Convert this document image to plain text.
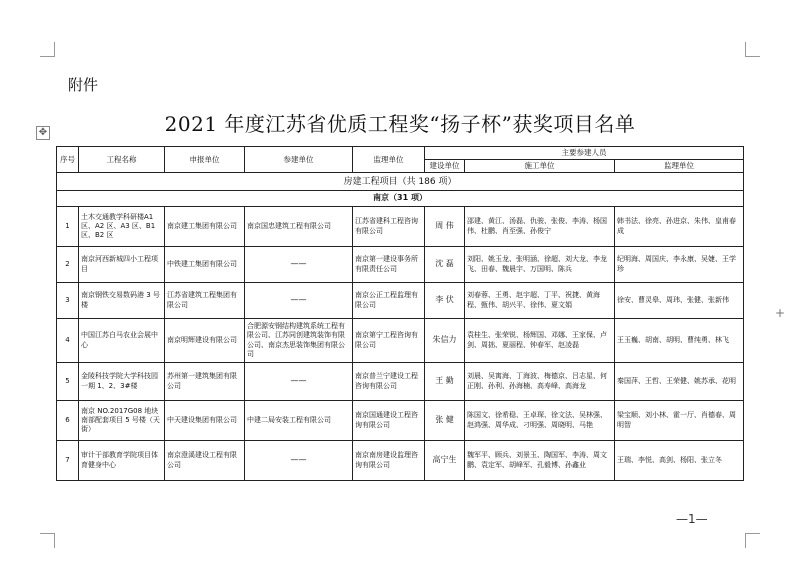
附件
2021 年度江苏省优质工程奖“扬子杯”获奖项目名单
✥
+
序号	工程名称	申报单位	参建单位	监理单位	主要参建人员		
					建设单位	施工单位	监理单位
房建工程项目（共 186 项）							
南京（31 项）							
1	土木交通教学科研楼A1 区、A2 区、A3 区、B1 区、B2 区	南京建工集团有限公司	南京国忠建筑工程有限公司	江苏省建科工程咨询有限公司	周 伟	邵建、黄江、汤磊、仇骏、张俊、李涛、杨国伟、杜鹏、肖至强、孙俊宁	韩书法、徐亮、孙进京、朱伟、皇甫春成
2	南京河西新城四小工程项目	中铁建工集团有限公司	——	南京第一建设事务所有限责任公司	沈 磊	刘阳、姚玉龙、张明涵、徐超、刘大龙、李龙飞、田春、魏晨宇、万国明、陈兵	纪明海、周国庆、李永康、吴婕、王学珍
3	南京钢铁交易数码港 3 号楼	江苏省建筑工程集团有限公司	——	南京公正工程监理有限公司	李 伏	刘春蓉、王勇、赵宇超、丁平、祝捷、黄海程、甄伟、胡兴平、徐伟、夏文娟	徐安、曹灵皋、周玮、张健、张新伟
4	中国江苏白马农业会展中心	南京明辉建设有限公司	合肥源安钢结构建筑系统工程有限公司、江苏同创建筑装饰有限公司、南京杰思装饰集团有限公司	南京第宁工程咨询有限公司	朱信力	袁桂生、张荣锐、杨辉国、邓娜、王家保、卢剑、周拙、夏丽程、钟春军、赵凌磊	王玉巍、胡南、胡明、曹纯勇、林飞
5	金陵科技学院大学科技园一期 1、2、3#楼	苏州第一建筑集团有限公司	——	南京普兰宁建设工程咨询有限公司	王 勤	刘晨、吴寓海、丁海波、梅德京、吕志星、何正刚、孙利、孙海楠、高寿峰、高海龙	秦国萍、王哲、王荣健、姚苏承、花明
6	南京 NO.2017G08 地块南部配套项目 5 号楼（天街）	中天建设集团有限公司	中建二局安装工程有限公司	南京国通建设工程咨询有限公司	张 健	陈国文、徐希稳、王卓琛、徐文法、吴林强、赵鸿强、周华成、刁明强、周晓明、马艳	梁宝顺、刘小林、霍一厅、肖德春、周明智
7	审计干部教育学院项目体育健身中心	南京澄溪建设工程有限公司	——	南京南房建设监理咨询有限公司	高宁生	魏军平、顾兵、刘景玉、陶国军、李涛、周文鹏、袁定军、胡峰军、孔毅博、孙鑫业	王瑞、李悦、高剑、杨阳、张立冬
—1—
